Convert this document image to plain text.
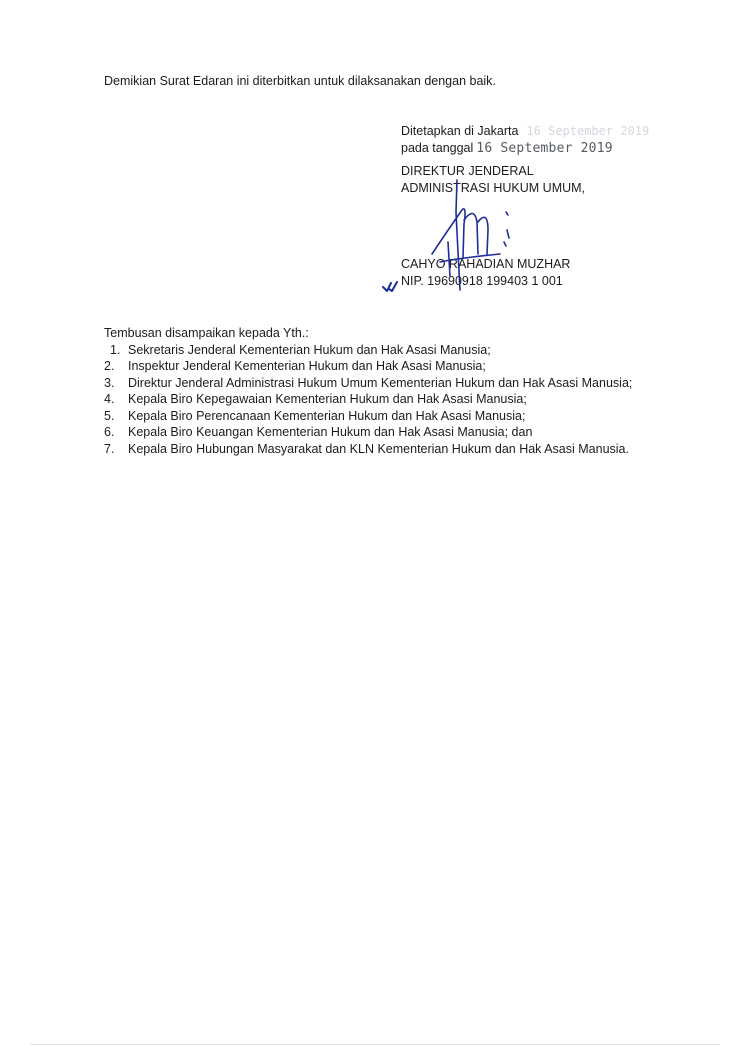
Demikian Surat Edaran ini diterbitkan untuk dilaksanakan dengan baik.
Ditetapkan di Jakarta 16 September 2019
pada tanggal 16 September 2019
DIREKTUR JENDERAL
ADMINISTRASI HUKUM UMUM,
CAHYO RAHADIAN MUZHAR
NIP. 19690918 199403 1 001
Tembusan disampaikan kepada Yth.:
1. Sekretaris Jenderal Kementerian Hukum dan Hak Asasi Manusia;
2.	Inspektur Jenderal Kementerian Hukum dan Hak Asasi Manusia;
3.	Direktur Jenderal Administrasi Hukum Umum Kementerian Hukum dan Hak Asasi Manusia;
4.	Kepala Biro Kepegawaian Kementerian Hukum dan Hak Asasi Manusia;
5.	Kepala Biro Perencanaan Kementerian Hukum dan Hak Asasi Manusia;
6.	Kepala Biro Keuangan Kementerian Hukum dan Hak Asasi Manusia; dan
7.	Kepala Biro Hubungan Masyarakat dan KLN Kementerian Hukum dan Hak Asasi Manusia.
